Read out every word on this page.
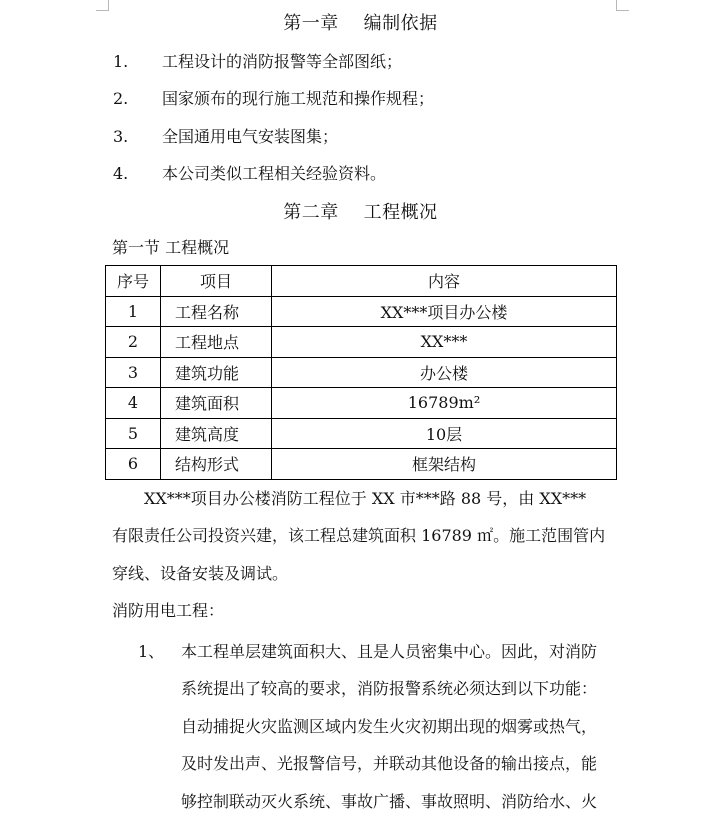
第一章    编制依据
1. 工程设计的消防报警等全部图纸；
2. 国家颁布的现行施工规范和操作规程；
3. 全国通用电气安装图集；
4. 本公司类似工程相关经验资料。
第二章    工程概况
第一节 工程概况
序号	项目	内容
1	工程名称	XX***项目办公楼
2	工程地点	XX***
3	建筑功能	办公楼
4	建筑面积	16789m²
5	建筑高度	10层
6	结构形式	框架结构
　　XX***项目办公楼消防工程位于 XX 市***路 88 号，由 XX***
有限责任公司投资兴建，该工程总建筑面积 16789 ㎡。施工范围管内
穿线、设备安装及调试。
消防用电工程：
1、 本工程单层建筑面积大、且是人员密集中心。因此，对消防
系统提出了较高的要求，消防报警系统必须达到以下功能：
自动捕捉火灾监测区域内发生火灾初期出现的烟雾或热气，
及时发出声、光报警信号，并联动其他设备的输出接点，能
够控制联动灭火系统、事故广播、事故照明、消防给水、火
